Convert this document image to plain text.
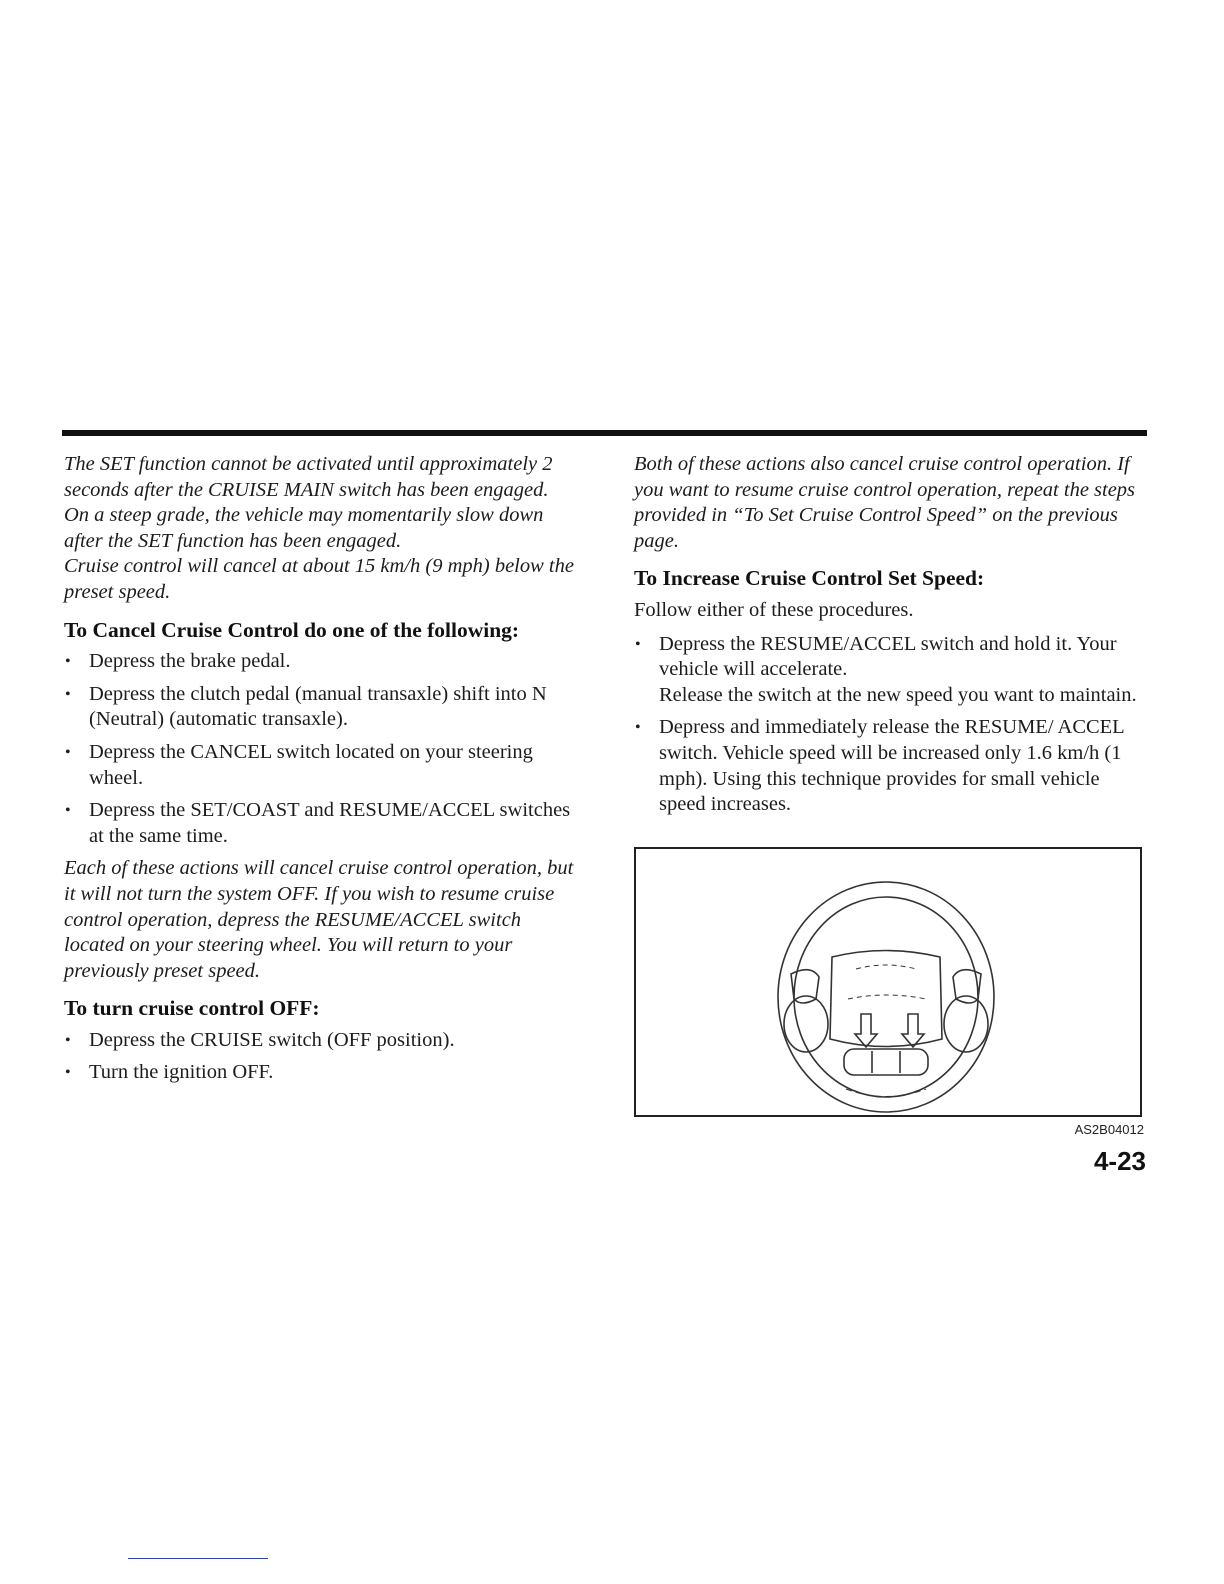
The SET function cannot be activated until approximately 2 seconds after the CRUISE MAIN switch has been engaged.

On a steep grade, the vehicle may momentarily slow down after the SET function has been engaged.

Cruise control will cancel at about 15 km/h (9 mph) below the preset speed.

To Cancel Cruise Control do one of the following:
• Depress the brake pedal.
• Depress the clutch pedal (manual transaxle) shift into N (Neutral) (automatic transaxle).
• Depress the CANCEL switch located on your steering wheel.
• Depress the SET/COAST and RESUME/ACCEL switches at the same time.

Each of these actions will cancel cruise control operation, but it will not turn the system OFF. If you wish to resume cruise control operation, depress the RESUME/ACCEL switch located on your steering wheel. You will return to your previously preset speed.

To turn cruise control OFF:
• Depress the CRUISE switch (OFF position).
• Turn the ignition OFF.

Both of these actions also cancel cruise control operation. If you want to resume cruise control operation, repeat the steps provided in “To Set Cruise Control Speed” on the previous page.

To Increase Cruise Control Set Speed:

Follow either of these procedures.

• Depress the RESUME/ACCEL switch and hold it. Your vehicle will accelerate.
Release the switch at the new speed you want to maintain.
• Depress and immediately release the RESUME/ ACCEL switch. Vehicle speed will be increased only 1.6 km/h (1 mph). Using this technique provides for small vehicle speed increases.
AS2B04012
4-23
